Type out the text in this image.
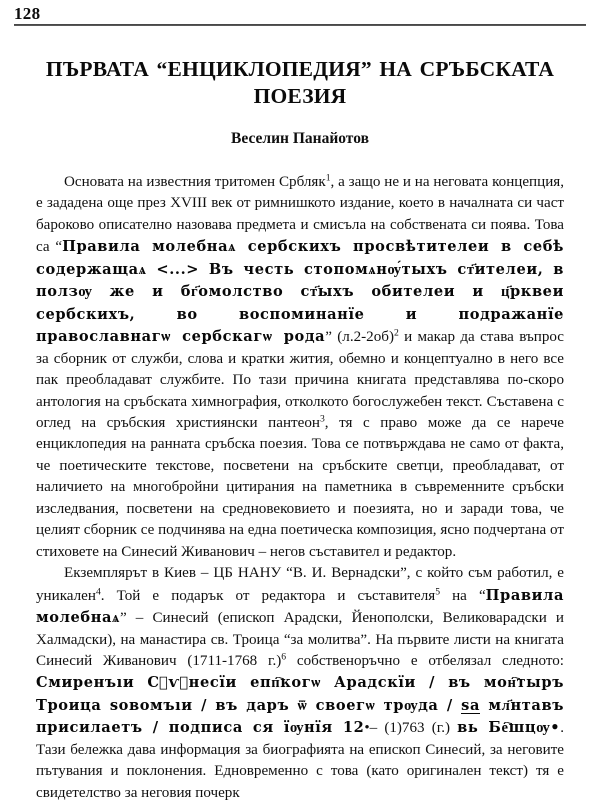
128
ПЪРВАТА “ЕНЦИКЛОПЕДИЯ” НА СРЪБСКАТА
ПОЕЗИЯ
Веселин Панайотов

Основата на известния тритомен Србляк$^1$, а защо не и на неговата концепция, е зададена още през XVIII век от римнишкото издание, което в началната си част бароково описателно назовава предмета и смисъла на собствената си поява. Това са “Правила молебнаѧ сербскихъ просвѣтителеи в себѣ содержащаѧ <...> Въ честь стопомѧнѹ́тыхъ ст҃ителеи, в ползѹ же и бг҃омолство ст҃ыхъ обителеи и ц҃рквеи сербскихъ, во воспоминанїе и подражанїе православнагѡ сербскагѡ рода” $(л.2-2об)^2$ и макар да става въпрос за сборник от служби, слова и кратки жития, обемно и концептуално в него все пак преобладават службите. По тази причина книгата представлява по-скоро антология на сръбската химнография, отколкото богослужебен текст. Съставена с оглед на сръбския християнски пантеон$^3$, тя с право може да се нарече енциклопедия на ранната сръбска поезия. Това се потвърждава не само от факта, че поетическите текстове, посветени на сръбските светци, преобладават, от наличието на многобройни цитирания на паметника в съвременните сръбски изследвания, посветени на средновековието и поезията, но и заради това, че целият сборник се подчинява на една поетическа композиция, ясно подчертана от стиховете на Синесий Живанович – негов съставител и редактор.

Екземплярът в Киев – ЦБ НАНУ “В. И. Вернадски”, с който съм работил, е уникален$^4$. Той е подарък от редактора и съставителя$^5$ на “Правила молебнаѧ” – Синесий (епископ Арадски, Йенополски, Великоварадски и Халмадски), на манастира св. Троица “за молитва”. На първите листи на книгата Синесий Живанович (1711-1768 г.)$^6$ собственоръчно е отбелязал следното: Смиренъıи С︮ѵ︯несїи епп҇когѡ Арадскїи / въ мон҇тыръ Троица ѕовомъıи / въ даръ ѿ своегѡ трѹда / ѕа мл҃нтавъ присилаетъ / подписа ся їѹнїя 12•– (1)763 (г.) вь Бе҇шцѹ•. Тази бележка дава информация за биографията на епископ Синесий, за неговите пътувания и поклонения. Едновременно с това (като оригинален текст) тя е свидетелство за неговия почерк
